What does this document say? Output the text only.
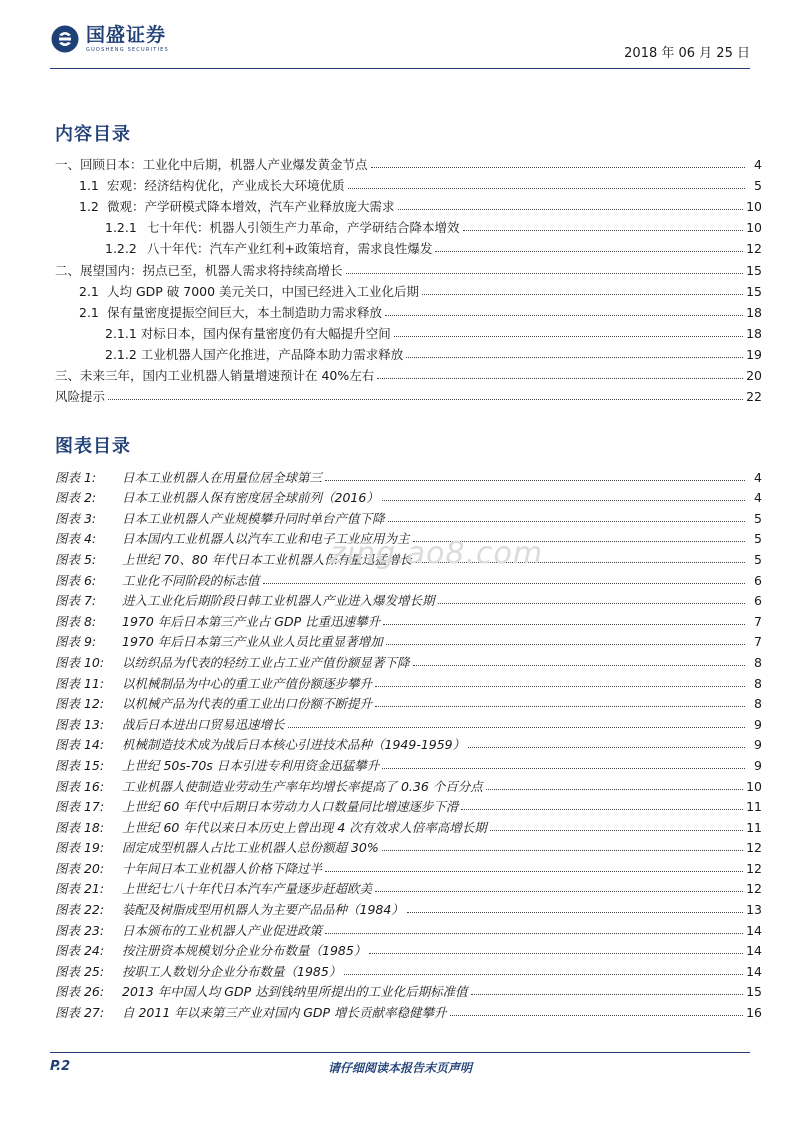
国盛证券
GUOSHENG SECURITIES	2018 年 06 月 25 日
内容目录
一、回顾日本：工业化中后期，机器人产业爆发黄金节点	4
1.1 宏观：经济结构优化，产业成长大环境优质	5
1.2 微观：产学研模式降本增效，汽车产业释放庞大需求	10
1.2.1 七十年代：机器人引领生产力革命，产学研结合降本增效	10
1.2.2 八十年代：汽车产业红利+政策培育，需求良性爆发	12
二、展望国内：拐点已至，机器人需求将持续高增长	15
2.1 人均 GDP 破 7000 美元关口，中国已经进入工业化后期	15
2.1 保有量密度提振空间巨大，本土制造助力需求释放	18
2.1.1 对标日本，国内保有量密度仍有大幅提升空间	18
2.1.2 工业机器人国产化推进，产品降本助力需求释放	19
三、未来三年，国内工业机器人销量增速预计在 40%左右	20
风险提示	22
图表目录
图表 1: 日本工业机器人在用量位居全球第三	4
图表 2: 日本工业机器人保有密度居全球前列（2016）	4
图表 3: 日本工业机器人产业规模攀升同时单台产值下降	5
图表 4: 日本国内工业机器人以汽车工业和电子工业应用为主	5
图表 5: 上世纪 70、80 年代日本工业机器人保有量迅猛增长	5
图表 6: 工业化不同阶段的标志值	6
图表 7: 进入工业化后期阶段日韩工业机器人产业进入爆发增长期	6
图表 8: 1970 年后日本第三产业占 GDP 比重迅速攀升	7
图表 9: 1970 年后日本第三产业从业人员比重显著增加	7
图表 10: 以纺织品为代表的轻纺工业占工业产值份额显著下降	8
图表 11: 以机械制品为中心的重工业产值份额逐步攀升	8
图表 12: 以机械产品为代表的重工业出口份额不断提升	8
图表 13: 战后日本进出口贸易迅速增长	9
图表 14: 机械制造技术成为战后日本核心引进技术品种（1949-1959）	9
图表 15: 上世纪 50s-70s 日本引进专利用资金迅猛攀升	9
图表 16: 工业机器人使制造业劳动生产率年均增长率提高了 0.36 个百分点	10
图表 17: 上世纪 60 年代中后期日本劳动力人口数量同比增速逐步下滑	11
图表 18: 上世纪 60 年代以来日本历史上曾出现 4 次有效求人倍率高增长期	11
图表 19: 固定成型机器人占比工业机器人总份额超 30%	12
图表 20: 十年间日本工业机器人价格下降过半	12
图表 21: 上世纪七八十年代日本汽车产量逐步赶超欧美	12
图表 22: 装配及树脂成型用机器人为主要产品品种（1984）	13
图表 23: 日本颁布的工业机器人产业促进政策	14
图表 24: 按注册资本规模划分企业分布数量（1985）	14
图表 25: 按职工人数划分企业分布数量（1985）	14
图表 26: 2013 年中国人均 GDP 达到钱纳里所提出的工业化后期标准值	15
图表 27: 自 2011 年以来第三产业对国内 GDP 增长贡献率稳健攀升	16
zing.ao8.com
P.2	请仔细阅读本报告末页声明
